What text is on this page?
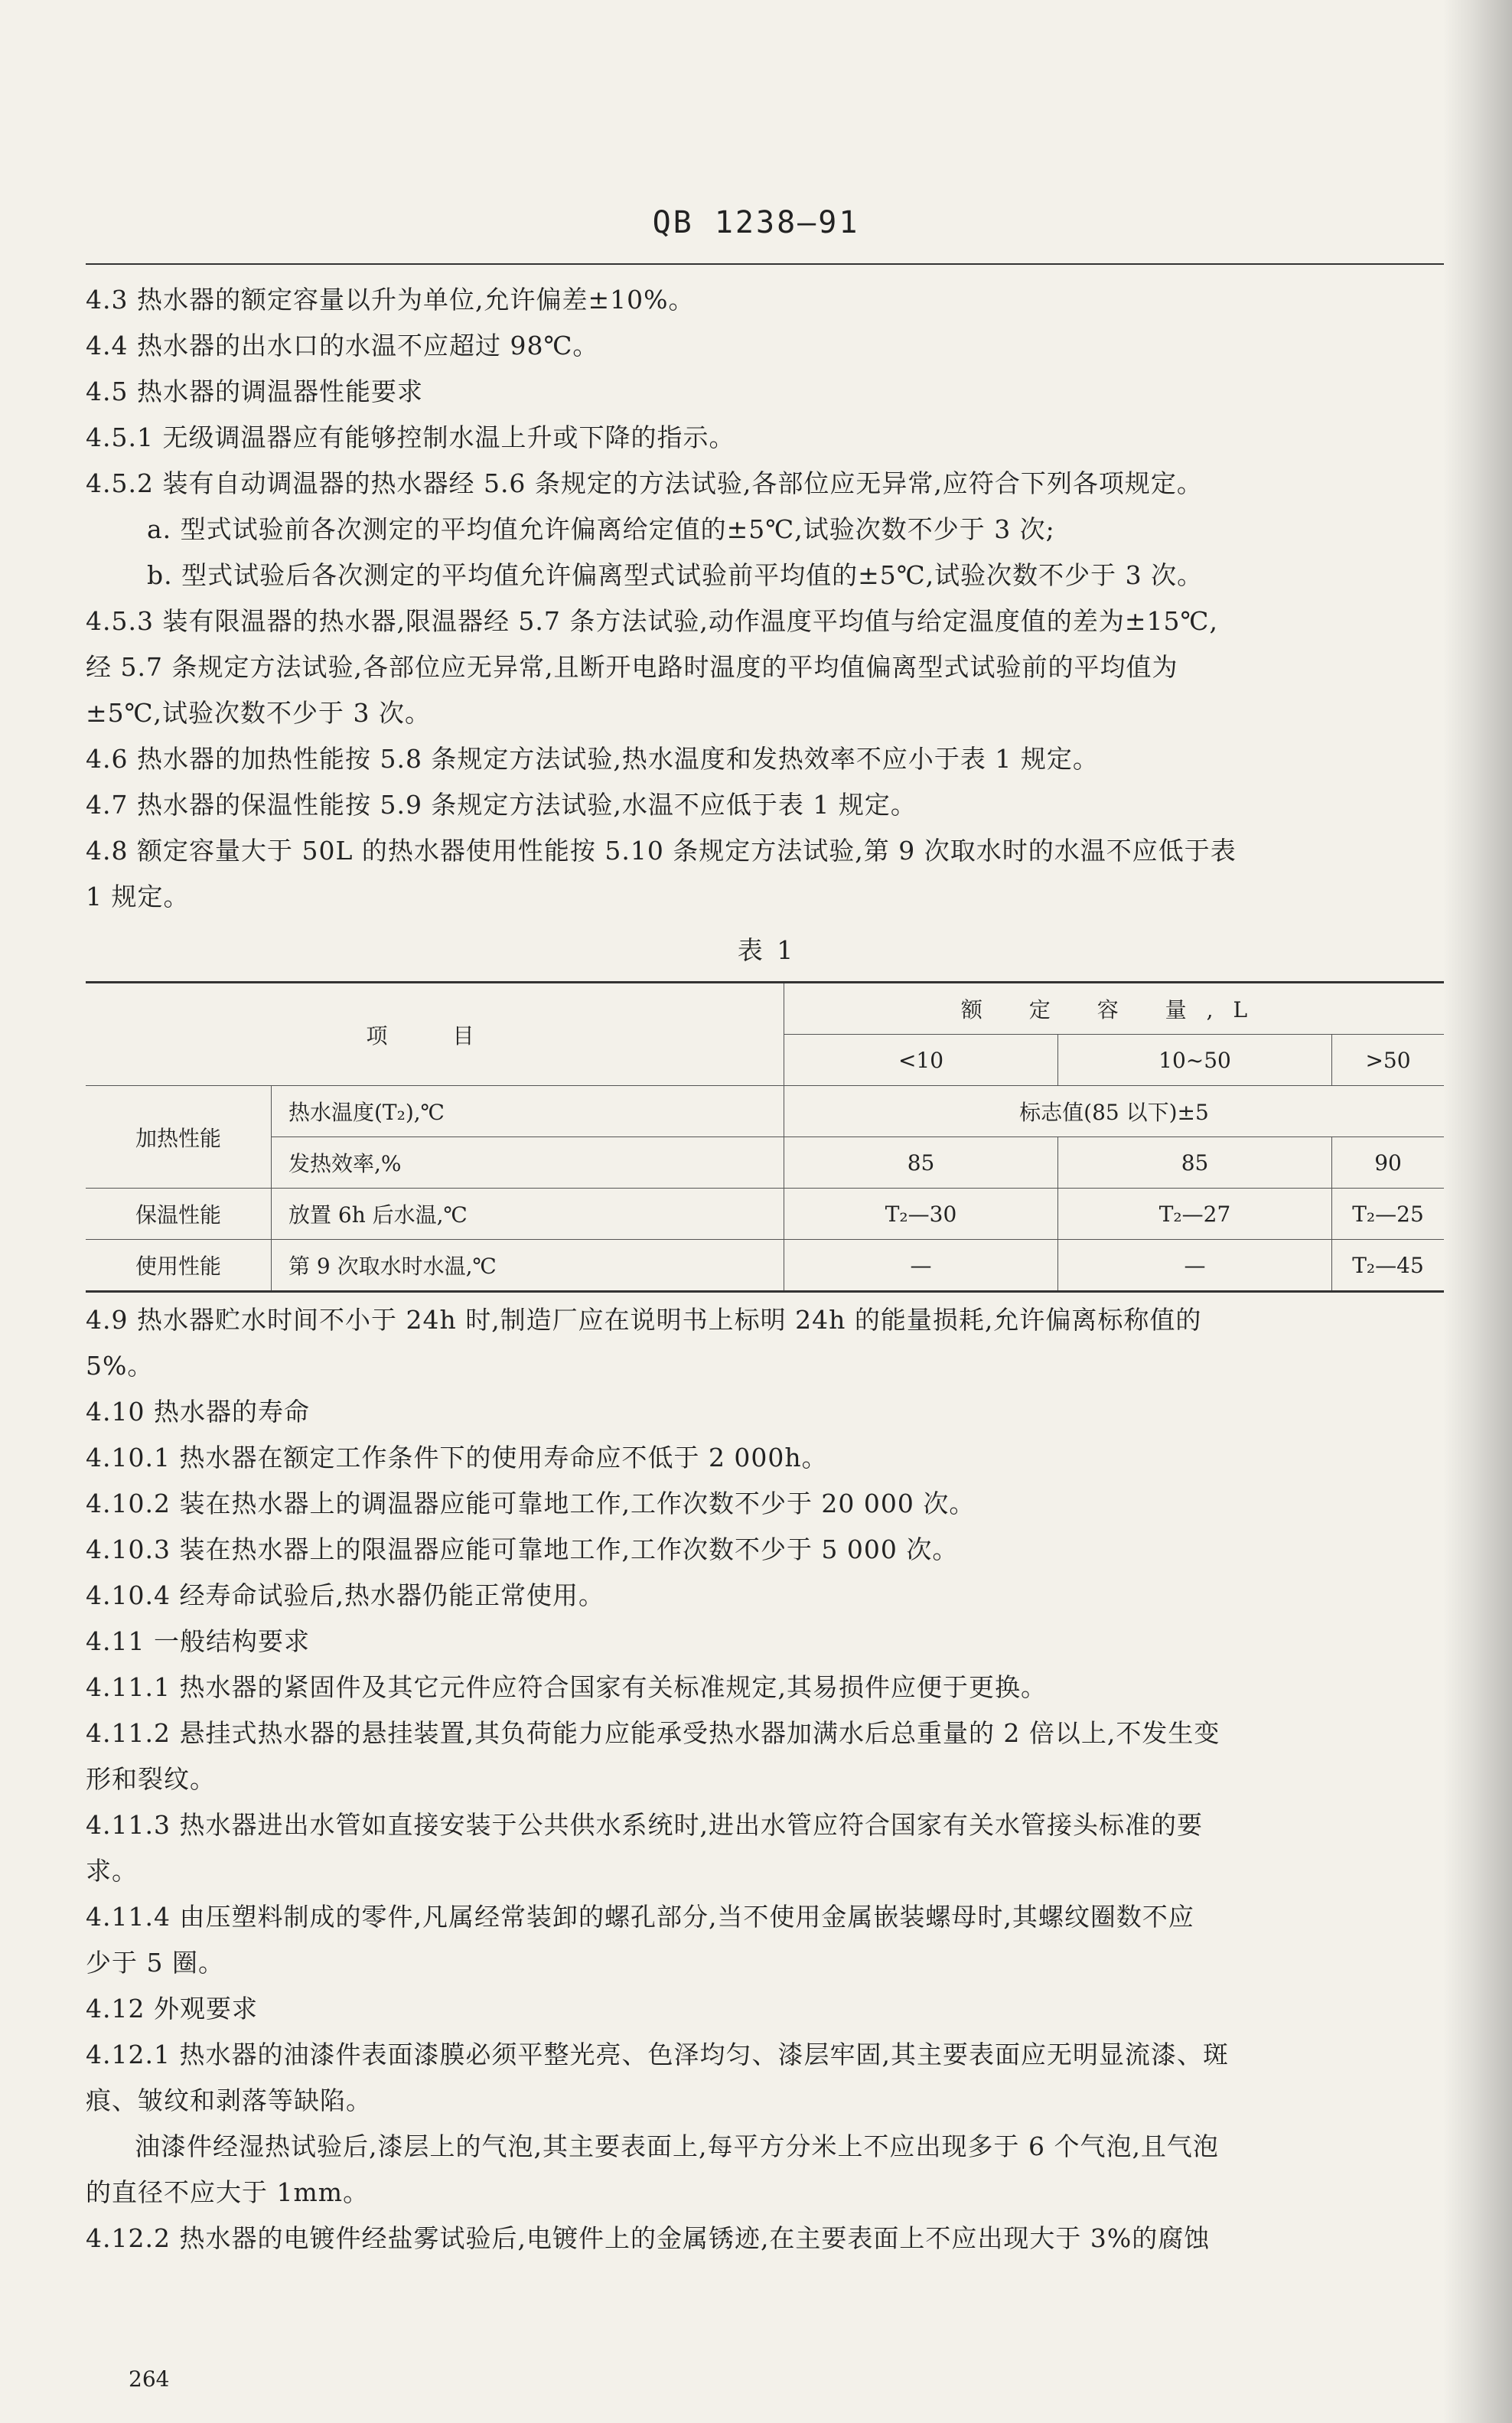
QB 1238—91
4.3 热水器的额定容量以升为单位,允许偏差±10%。
4.4 热水器的出水口的水温不应超过 98℃。
4.5 热水器的调温器性能要求
4.5.1 无级调温器应有能够控制水温上升或下降的指示。
4.5.2 装有自动调温器的热水器经 5.6 条规定的方法试验,各部位应无异常,应符合下列各项规定。
a. 型式试验前各次测定的平均值允许偏离给定值的±5℃,试验次数不少于 3 次;
b. 型式试验后各次测定的平均值允许偏离型式试验前平均值的±5℃,试验次数不少于 3 次。
4.5.3 装有限温器的热水器,限温器经 5.7 条方法试验,动作温度平均值与给定温度值的差为±15℃,
经 5.7 条规定方法试验,各部位应无异常,且断开电路时温度的平均值偏离型式试验前的平均值为
±5℃,试验次数不少于 3 次。
4.6 热水器的加热性能按 5.8 条规定方法试验,热水温度和发热效率不应小于表 1 规定。
4.7 热水器的保温性能按 5.9 条规定方法试验,水温不应低于表 1 规定。
4.8 额定容量大于 50L 的热水器使用性能按 5.10 条规定方法试验,第 9 次取水时的水温不应低于表
1 规定。
表 1
项 目		额 定 容 量,L		
		<10	10~50	>50
加热性能	热水温度(T₂),℃	标志值(85 以下)±5		
	发热效率,%	85	85	90
保温性能	放置 6h 后水温,℃	T₂—30	T₂—27	T₂—25
使用性能	第 9 次取水时水温,℃	—	—	T₂—45
4.9 热水器贮水时间不小于 24h 时,制造厂应在说明书上标明 24h 的能量损耗,允许偏离标称值的
5%。
4.10 热水器的寿命
4.10.1 热水器在额定工作条件下的使用寿命应不低于 2 000h。
4.10.2 装在热水器上的调温器应能可靠地工作,工作次数不少于 20 000 次。
4.10.3 装在热水器上的限温器应能可靠地工作,工作次数不少于 5 000 次。
4.10.4 经寿命试验后,热水器仍能正常使用。
4.11 一般结构要求
4.11.1 热水器的紧固件及其它元件应符合国家有关标准规定,其易损件应便于更换。
4.11.2 悬挂式热水器的悬挂装置,其负荷能力应能承受热水器加满水后总重量的 2 倍以上,不发生变
形和裂纹。
4.11.3 热水器进出水管如直接安装于公共供水系统时,进出水管应符合国家有关水管接头标准的要
求。
4.11.4 由压塑料制成的零件,凡属经常装卸的螺孔部分,当不使用金属嵌装螺母时,其螺纹圈数不应
少于 5 圈。
4.12 外观要求
4.12.1 热水器的油漆件表面漆膜必须平整光亮、色泽均匀、漆层牢固,其主要表面应无明显流漆、斑
痕、皱纹和剥落等缺陷。
油漆件经湿热试验后,漆层上的气泡,其主要表面上,每平方分米上不应出现多于 6 个气泡,且气泡
的直径不应大于 1mm。
4.12.2 热水器的电镀件经盐雾试验后,电镀件上的金属锈迹,在主要表面上不应出现大于 3%的腐蚀
264
